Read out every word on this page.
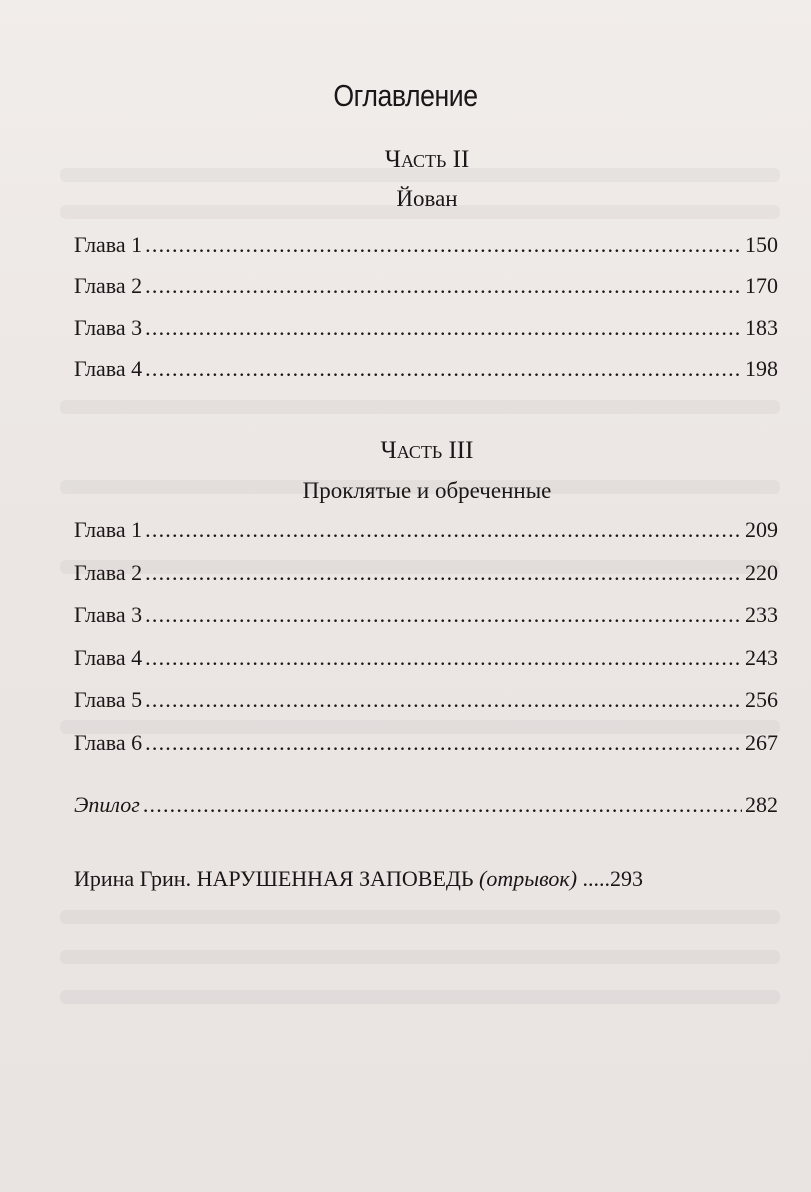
Оглавление
Часть II
Йован
Глава 1 .....	150
Глава 2 .....	170
Глава 3 .....	183
Глава 4 .....	198
Часть III
Проклятые и обреченные
Глава 1 .....	209
Глава 2 .....	220
Глава 3 .....	233
Глава 4 .....	243
Глава 5 .....	256
Глава 6 .....	267
Эпилог .....	282
Ирина Грин. НАРУШЕННАЯ ЗАПОВЕДЬ (отрывок) .....293
